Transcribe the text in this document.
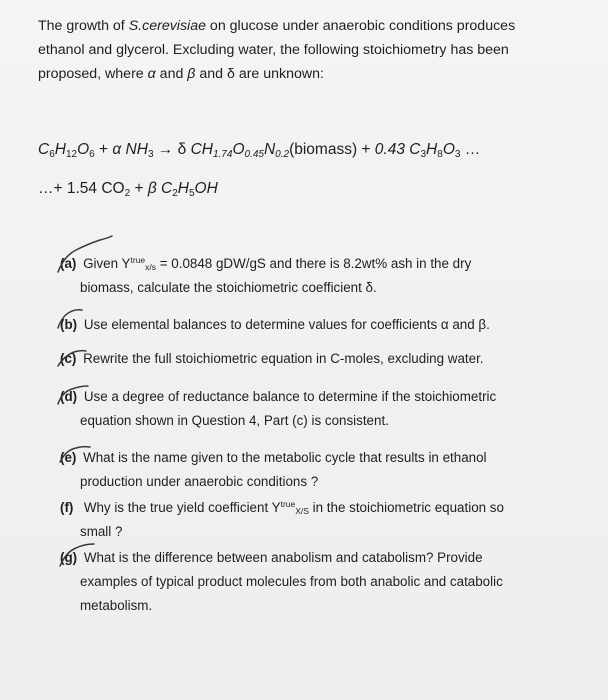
The growth of S.cerevisiae on glucose under anaerobic conditions produces
ethanol and glycerol. Excluding water, the following stoichiometry has been
proposed, where α and β and δ are unknown:
$C_6H_{12}O_6 + \alpha$ $NH_3 \to \delta$ $CH_{1.74}O_{0.45}N_{0.2}(biomass) + 0.43$ $C_3H_8O_3$ …
…+ 1.54 $CO_2 + \beta$ $C_2H_5OH$
(a) Given $Y^{true}_{x/s} = 0.0848$ gDW/gS and there is 8.2wt% ash in the dry
biomass, calculate the stoichiometric coefficient δ.
(b) Use elemental balances to determine values for coefficients α and β.
(c) Rewrite the full stoichiometric equation in C-moles, excluding water.
(d) Use a degree of reductance balance to determine if the stoichiometric
equation shown in Question 4, Part (c) is consistent.
(e) What is the name given to the metabolic cycle that results in ethanol
production under anaerobic conditions ?
(f)  Why is the true yield coefficient $Y^{true}_{X/S}$ in the stoichiometric equation so
small ?
(g) What is the difference between anabolism and catabolism? Provide
examples of typical product molecules from both anabolic and catabolic
metabolism.
